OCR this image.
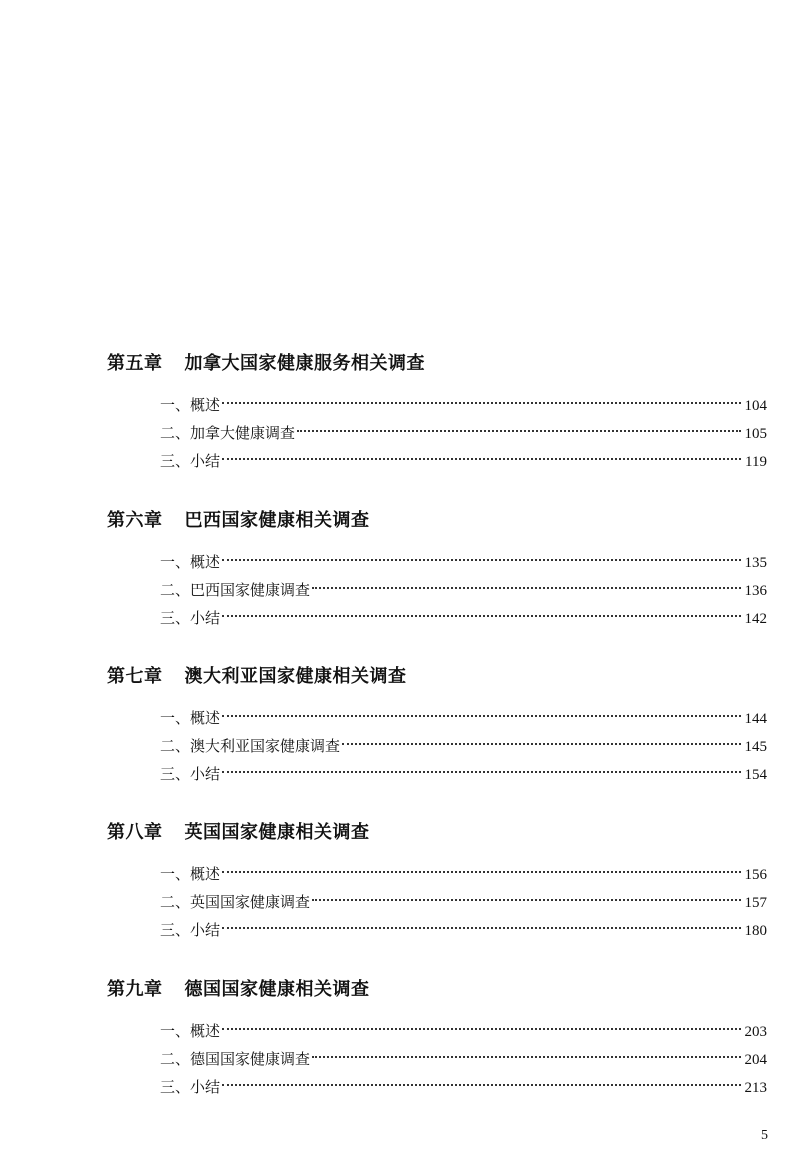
第五章 加拿大国家健康服务相关调查
一、概述	104
二、加拿大健康调查	105
三、小结	119
第六章 巴西国家健康相关调查
一、概述	135
二、巴西国家健康调查	136
三、小结	142
第七章 澳大利亚国家健康相关调查
一、概述	144
二、澳大利亚国家健康调查	145
三、小结	154
第八章 英国国家健康相关调查
一、概述	156
二、英国国家健康调查	157
三、小结	180
第九章 德国国家健康相关调查
一、概述	203
二、德国国家健康调查	204
三、小结	213
5
